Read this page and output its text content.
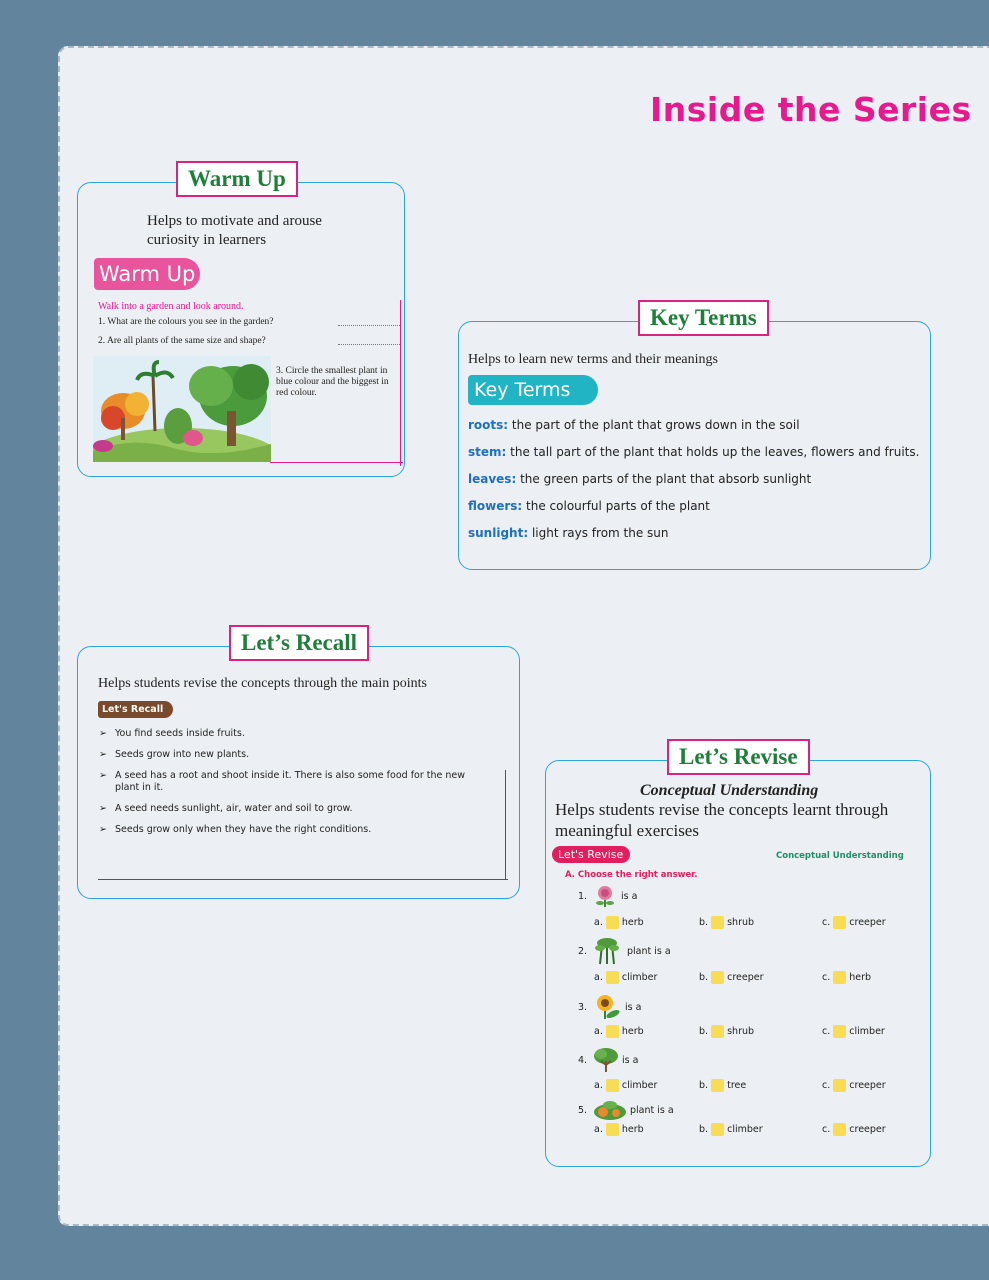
Inside the Series
Warm Up
Helps to motivate and arouse curiosity in learners
Warm Up
Walk into a garden and look around.
1. What are the colours you see in the garden?
2. Are all plants of the same size and shape?
3. Circle the smallest plant in blue colour and the biggest in red colour.
Key Terms
Helps to learn new terms and their meanings
Key Terms
roots: the part of the plant that grows down in the soil
stem: the tall part of the plant that holds up the leaves, flowers and fruits.
leaves: the green parts of the plant that absorb sunlight
flowers: the colourful parts of the plant
sunlight: light rays from the sun
Let’s Recall
Helps students revise the concepts through the main points
Let's Recall
➢ You find seeds inside fruits.
➢ Seeds grow into new plants.
➢ A seed has a root and shoot inside it. There is also some food for the new plant in it.
➢ A seed needs sunlight, air, water and soil to grow.
➢ Seeds grow only when they have the right conditions.
Let’s Revise
Conceptual Understanding
Helps students revise the concepts learnt through meaningful exercises
Let's Revise	Conceptual Understanding
A. Choose the right answer.
1.	is a
a. herb	b. shrub	c. creeper
2.	plant is a
a. climber	b. creeper	c. herb
3.	is a
a. herb	b. shrub	c. climber
4.	is a
a. climber	b. tree	c. creeper
5.	plant is a
a. herb	b. climber	c. creeper
